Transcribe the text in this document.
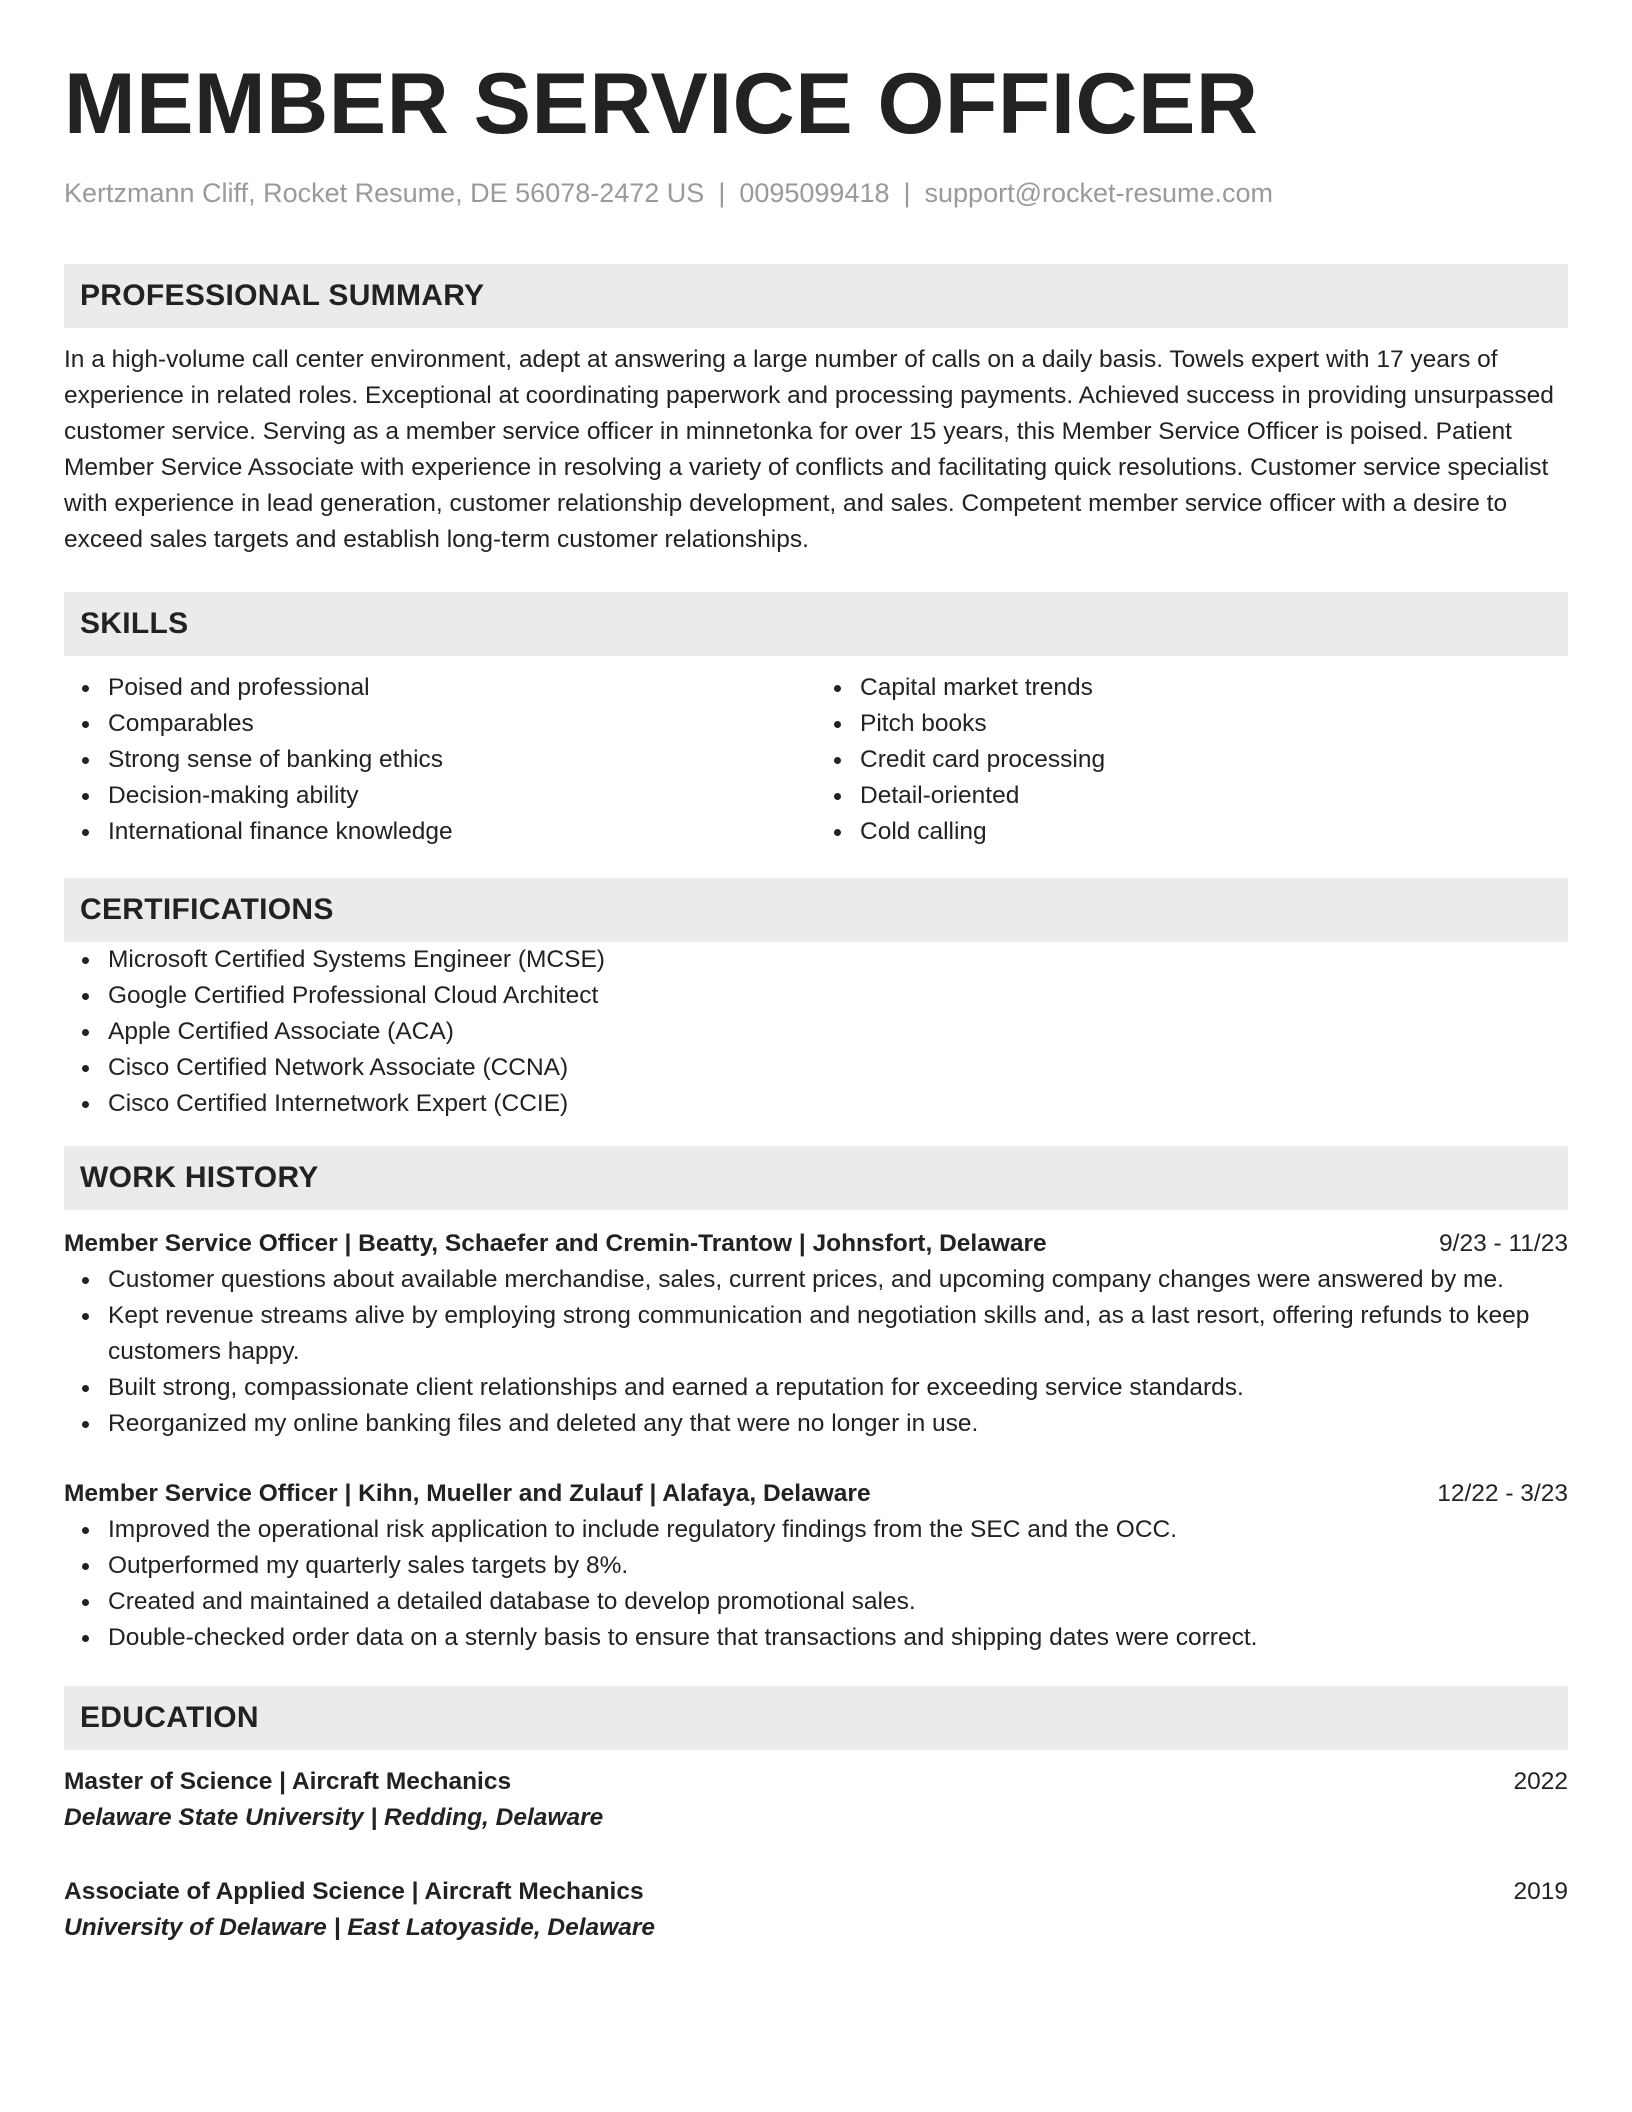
MEMBER SERVICE OFFICER
Kertzmann Cliff, Rocket Resume, DE 56078-2472 US | 0095099418 | support@rocket-resume.com
PROFESSIONAL SUMMARY
In a high-volume call center environment, adept at answering a large number of calls on a daily basis. Towels expert with 17 years of experience in related roles. Exceptional at coordinating paperwork and processing payments. Achieved success in providing unsurpassed customer service. Serving as a member service officer in minnetonka for over 15 years, this Member Service Officer is poised. Patient Member Service Associate with experience in resolving a variety of conflicts and facilitating quick resolutions. Customer service specialist with experience in lead generation, customer relationship development, and sales. Competent member service officer with a desire to exceed sales targets and establish long-term customer relationships.
SKILLS
Poised and professional
Comparables
Strong sense of banking ethics
Decision-making ability
International finance knowledge
Capital market trends
Pitch books
Credit card processing
Detail-oriented
Cold calling
CERTIFICATIONS
Microsoft Certified Systems Engineer (MCSE)
Google Certified Professional Cloud Architect
Apple Certified Associate (ACA)
Cisco Certified Network Associate (CCNA)
Cisco Certified Internetwork Expert (CCIE)
WORK HISTORY
Member Service Officer | Beatty, Schaefer and Cremin-Trantow | Johnsfort, Delaware	9/23 - 11/23
Customer questions about available merchandise, sales, current prices, and upcoming company changes were answered by me.
Kept revenue streams alive by employing strong communication and negotiation skills and, as a last resort, offering refunds to keep customers happy.
Built strong, compassionate client relationships and earned a reputation for exceeding service standards.
Reorganized my online banking files and deleted any that were no longer in use.
Member Service Officer | Kihn, Mueller and Zulauf | Alafaya, Delaware	12/22 - 3/23
Improved the operational risk application to include regulatory findings from the SEC and the OCC.
Outperformed my quarterly sales targets by 8%.
Created and maintained a detailed database to develop promotional sales.
Double-checked order data on a sternly basis to ensure that transactions and shipping dates were correct.
EDUCATION
Master of Science | Aircraft Mechanics	2022
Delaware State University | Redding, Delaware
Associate of Applied Science | Aircraft Mechanics	2019
University of Delaware | East Latoyaside, Delaware
